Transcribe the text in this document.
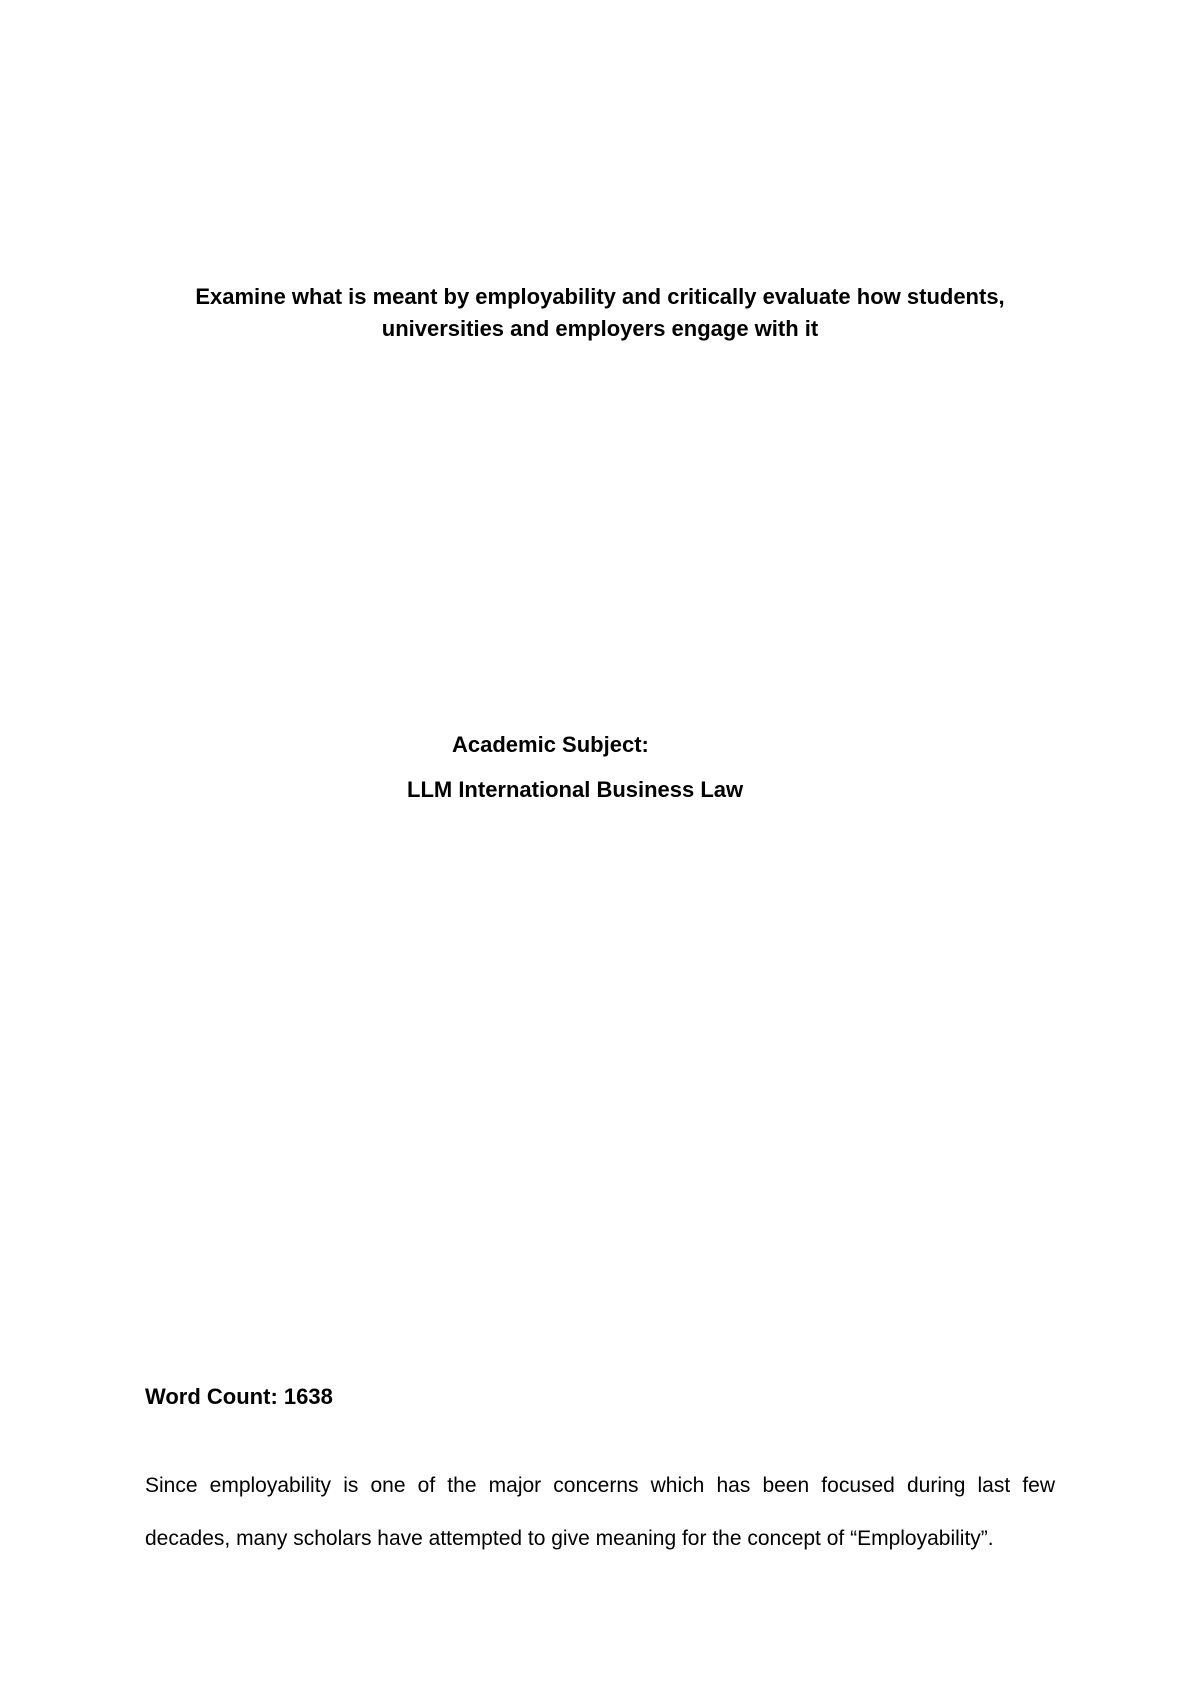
Examine what is meant by employability and critically evaluate how students,
universities and employers engage with it
Academic Subject:
LLM International Business Law
Word Count: 1638
Since employability is one of the major concerns which has been focused during last few
decades, many scholars have attempted to give meaning for the concept of “Employability”.
